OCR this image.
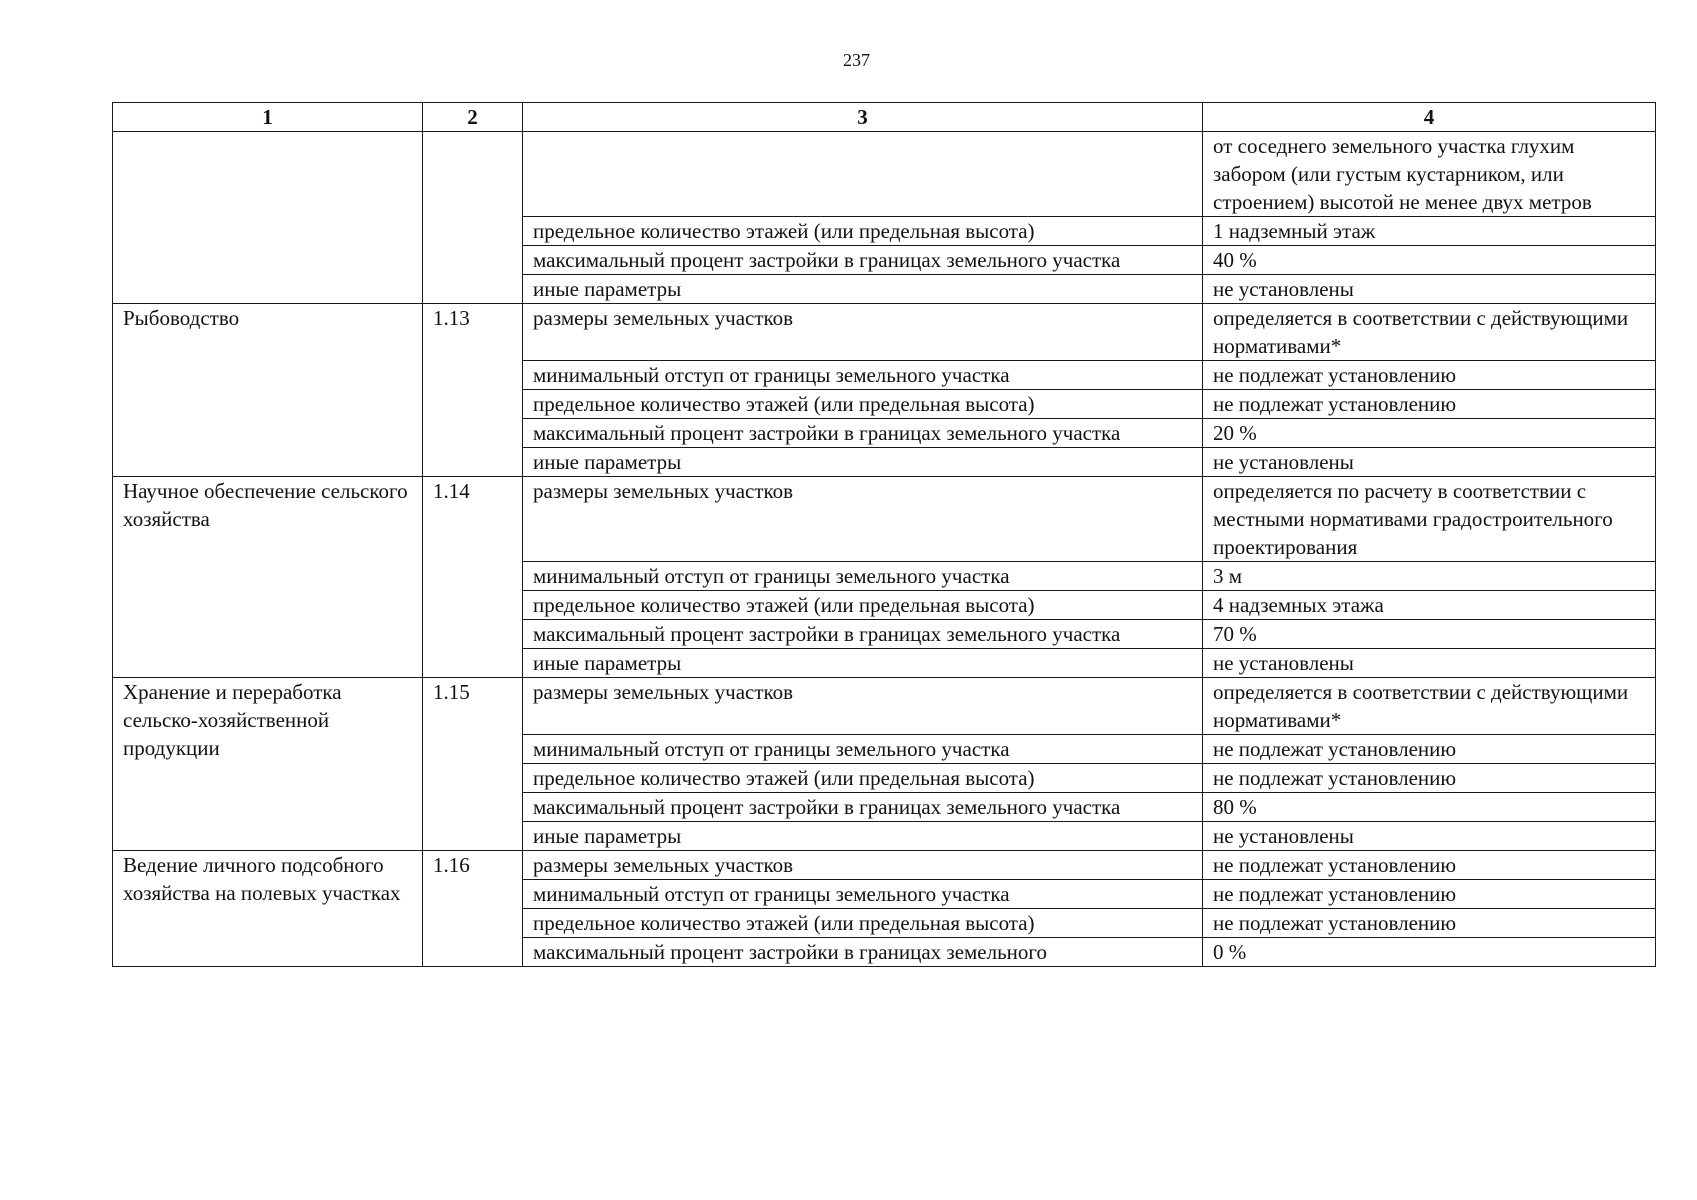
237
1	2	3	4
			от соседнего земельного участка глухим забором (или густым кустарником, или строением) высотой не менее двух метров
		предельное количество этажей (или предельная высота)	1 надземный этаж
		максимальный процент застройки в границах земельного участка	40 %
		иные параметры	не установлены
Рыбоводство	1.13	размеры земельных участков	определяется в соответствии с действующими нормативами*
		минимальный отступ от границы земельного участка	не подлежат установлению
		предельное количество этажей (или предельная высота)	не подлежат установлению
		максимальный процент застройки в границах земельного участка	20 %
		иные параметры	не установлены
Научное обеспечение сельского хозяйства	1.14	размеры земельных участков	определяется по расчету в соответствии с местными нормативами градостроительного проектирования
		минимальный отступ от границы земельного участка	3 м
		предельное количество этажей (или предельная высота)	4 надземных этажа
		максимальный процент застройки в границах земельного участка	70 %
		иные параметры	не установлены
Хранение и переработка сельско-хозяйственной продукции	1.15	размеры земельных участков	определяется в соответствии с действующими нормативами*
		минимальный отступ от границы земельного участка	не подлежат установлению
		предельное количество этажей (или предельная высота)	не подлежат установлению
		максимальный процент застройки в границах земельного участка	80 %
		иные параметры	не установлены
Ведение личного подсобного хозяйства на полевых участках	1.16	размеры земельных участков	не подлежат установлению
		минимальный отступ от границы земельного участка	не подлежат установлению
		предельное количество этажей (или предельная высота)	не подлежат установлению
		максимальный процент застройки в границах земельного	0 %
